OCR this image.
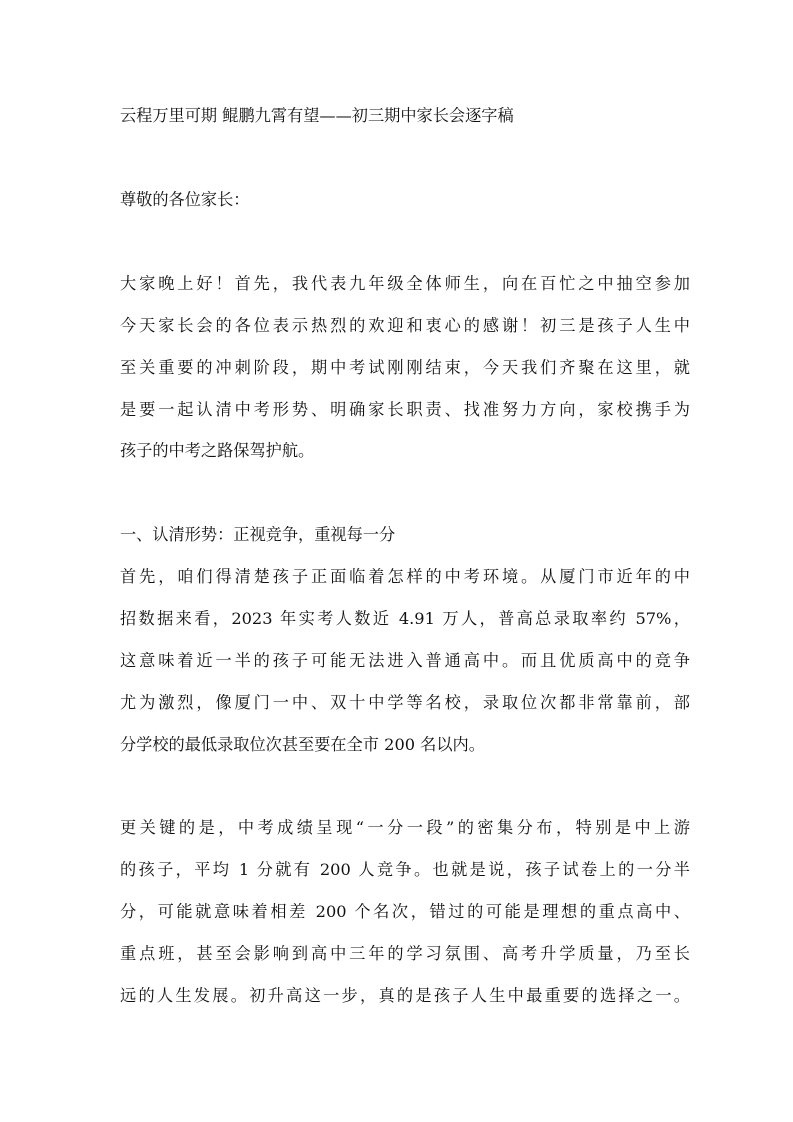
云程万里可期 鲲鹏九霄有望——初三期中家长会逐字稿
尊敬的各位家长：
大家晚上好！首先，我代表九年级全体师生，向在百忙之中抽空参加
今天家长会的各位表示热烈的欢迎和衷心的感谢！初三是孩子人生中
至关重要的冲刺阶段，期中考试刚刚结束，今天我们齐聚在这里，就
是要一起认清中考形势、明确家长职责、找准努力方向，家校携手为
孩子的中考之路保驾护航。
一、认清形势：正视竞争，重视每一分
首先，咱们得清楚孩子正面临着怎样的中考环境。从厦门市近年的中
招数据来看，2023 年实考人数近 4.91 万人，普高总录取率约 57%，
这意味着近一半的孩子可能无法进入普通高中。而且优质高中的竞争
尤为激烈，像厦门一中、双十中学等名校，录取位次都非常靠前，部
分学校的最低录取位次甚至要在全市 200 名以内。
更关键的是，中考成绩呈现“一分一段”的密集分布，特别是中上游
的孩子，平均 1 分就有 200 人竞争。也就是说，孩子试卷上的一分半
分，可能就意味着相差 200 个名次，错过的可能是理想的重点高中、
重点班，甚至会影响到高中三年的学习氛围、高考升学质量，乃至长
远的人生发展。初升高这一步，真的是孩子人生中最重要的选择之一。
